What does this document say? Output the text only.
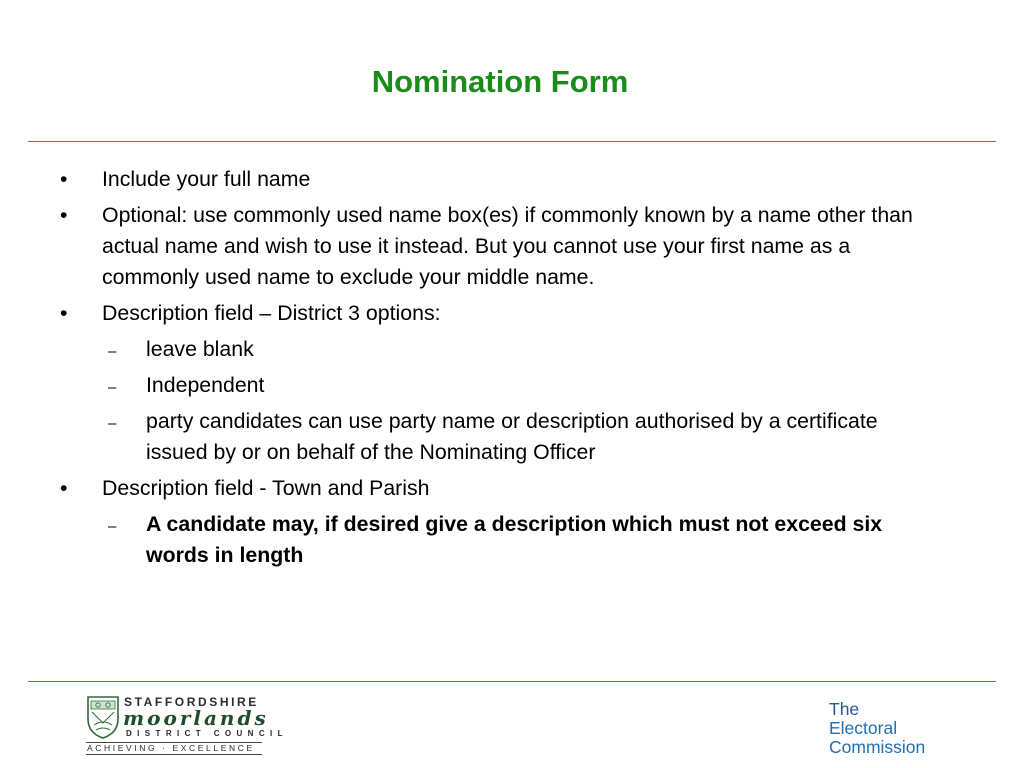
Nomination Form
•	Include your full name
•	Optional: use commonly used name box(es) if commonly known by a name other than actual name and wish to use it instead. But you cannot use your first name as a commonly used name to exclude your middle name.
•	Description field – District 3 options:
– leave blank
– Independent
– party candidates can use party name or description authorised by a certificate issued by or on behalf of the Nominating Officer
•	Description field - Town and Parish
– A candidate may, if desired give a description which must not exceed six words in length
STAFFORDSHIRE
moorlands
DISTRICT COUNCIL
ACHIEVING · EXCELLENCE
The
Electoral
Commission
